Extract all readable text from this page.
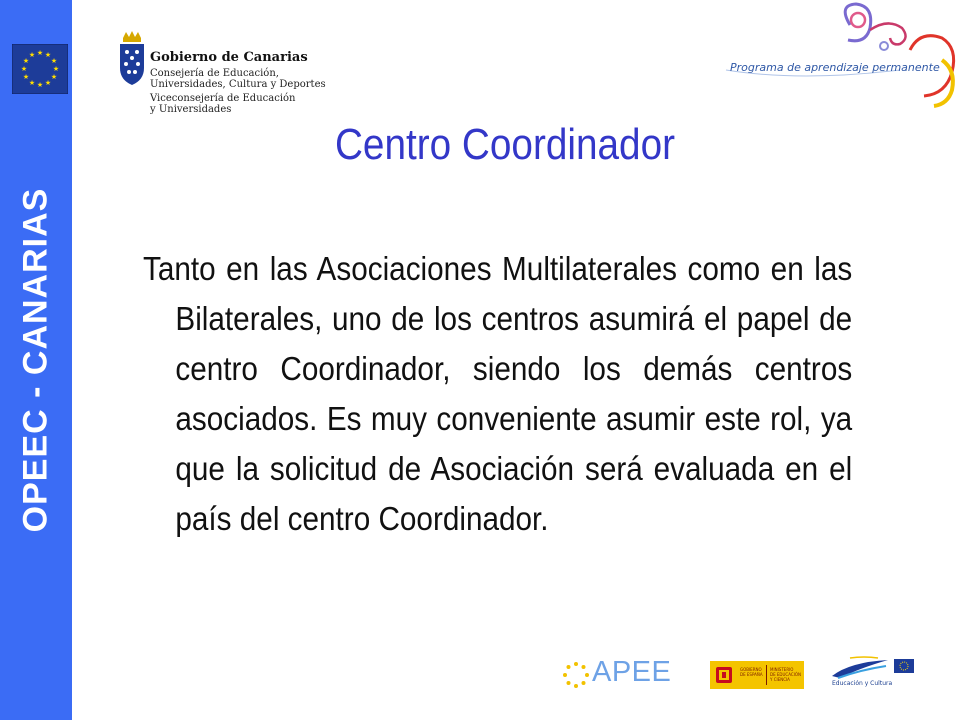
OPEEC - CANARIAS
★ ★
★
★
★
★
★
★
★
★
★
★	Gobierno de Canarias
Consejería de Educación,
Universidades, Cultura y Deportes
Viceconsejería de Educación
y Universidades
Programa de aprendizaje permanente
Centro Coordinador

Tanto en las Asociaciones Multilaterales como en las Bilaterales, uno de los centros asumirá el papel de centro Coordinador, siendo los demás centros asociados. Es muy conveniente asumir este rol, ya que la solicitud de Asociación será evaluada en el país del centro Coordinador.

APEE	GOBIERNO
DE ESPAÑA
MINISTERIO
DE EDUCACIÓN
Y CIENCIA
Educación y Cultura
